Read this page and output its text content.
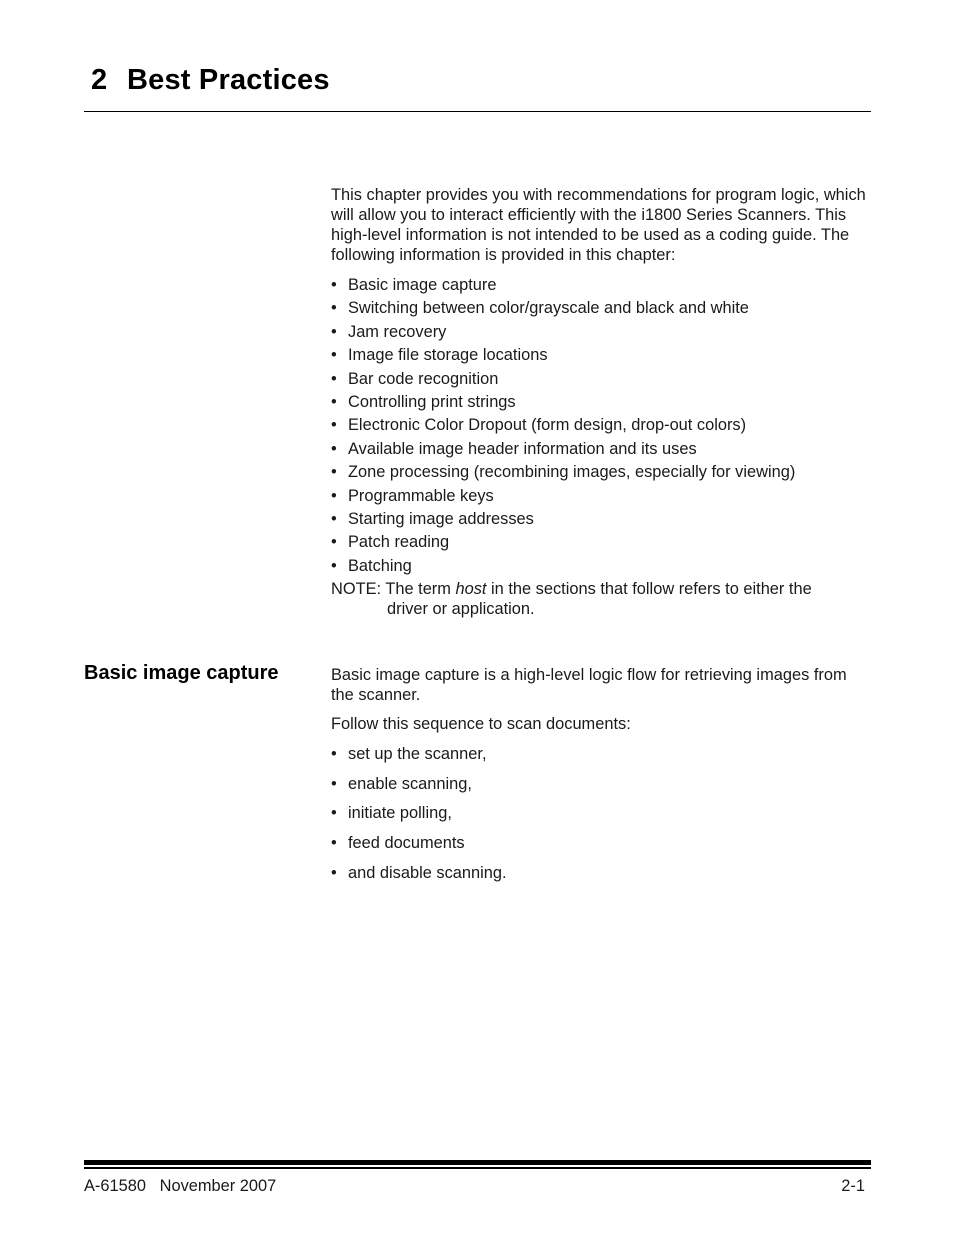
2 Best Practices

This chapter provides you with recommendations for program logic, which will allow you to interact efficiently with the i1800 Series Scanners. This high-level information is not intended to be used as a coding guide. The following information is provided in this chapter:

• Basic image capture
• Switching between color/grayscale and black and white
• Jam recovery
• Image file storage locations
• Bar code recognition
• Controlling print strings
• Electronic Color Dropout (form design, drop-out colors)
• Available image header information and its uses
• Zone processing (recombining images, especially for viewing)
• Programmable keys
• Starting image addresses
• Patch reading
• Batching

NOTE: The term host in the sections that follow refers to either the
driver or application.

Basic image capture	Basic image capture is a high-level logic flow for retrieving images from the scanner.

Follow this sequence to scan documents:

• set up the scanner,
• enable scanning,
• initiate polling,
• feed documents
• and disable scanning.
A-61580   November 2007	2-1
